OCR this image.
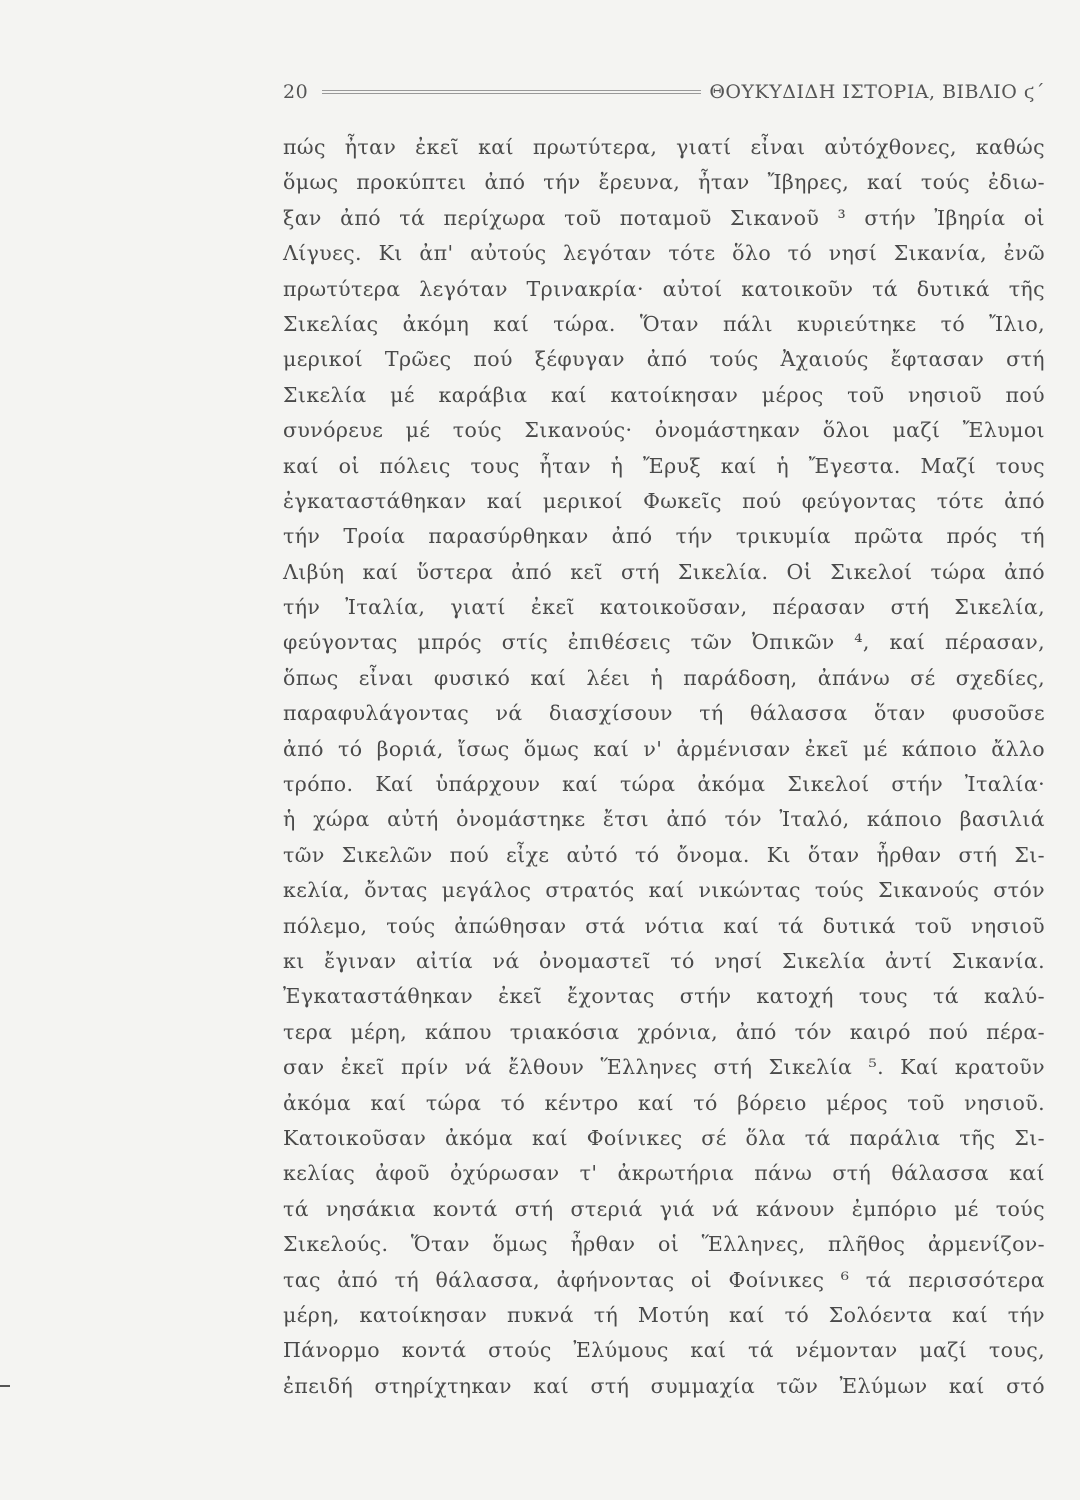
20	ΘΟΥΚΥΔΙΔΗ ΙΣΤΟΡΙΑ, ΒΙΒΛΙΟ ϛ΄
πώς ἦταν ἐκεῖ καί πρωτύτερα, γιατί εἶναι αὐτόχθονες, καθώς
ὅμως προκύπτει ἀπό τήν ἔρευνα, ἦταν Ἴβηρες, καί τούς ἐδιω-
ξαν ἀπό τά περίχωρα τοῦ ποταμοῦ Σικανοῦ ³ στήν Ἰβηρία οἱ
Λίγυες. Κι ἀπ' αὐτούς λεγόταν τότε ὅλο τό νησί Σικανία, ἐνῶ
πρωτύτερα λεγόταν Τρινακρία· αὐτοί κατοικοῦν τά δυτικά τῆς
Σικελίας ἀκόμη καί τώρα. Ὅταν πάλι κυριεύτηκε τό Ἴλιο,
μερικοί Τρῶες πού ξέφυγαν ἀπό τούς Ἀχαιούς ἔφτασαν στή
Σικελία μέ καράβια καί κατοίκησαν μέρος τοῦ νησιοῦ πού
συνόρευε μέ τούς Σικανούς· ὀνομάστηκαν ὅλοι μαζί Ἔλυμοι
καί οἱ πόλεις τους ἦταν ἡ Ἔρυξ καί ἡ Ἔγεστα. Μαζί τους
ἐγκαταστάθηκαν καί μερικοί Φωκεῖς πού φεύγοντας τότε ἀπό
τήν Τροία παρασύρθηκαν ἀπό τήν τρικυμία πρῶτα πρός τή
Λιβύη καί ὕστερα ἀπό κεῖ στή Σικελία. Οἱ Σικελοί τώρα ἀπό
τήν Ἰταλία, γιατί ἐκεῖ κατοικοῦσαν, πέρασαν στή Σικελία,
φεύγοντας μπρός στίς ἐπιθέσεις τῶν Ὀπικῶν ⁴, καί πέρασαν,
ὅπως εἶναι φυσικό καί λέει ἡ παράδοση, ἀπάνω σέ σχεδίες,
παραφυλάγοντας νά διασχίσουν τή θάλασσα ὅταν φυσοῦσε
ἀπό τό βοριά, ἴσως ὅμως καί ν' ἀρμένισαν ἐκεῖ μέ κάποιο ἄλλο
τρόπο. Καί ὑπάρχουν καί τώρα ἀκόμα Σικελοί στήν Ἰταλία·
ἡ χώρα αὐτή ὀνομάστηκε ἔτσι ἀπό τόν Ἰταλό, κάποιο βασιλιά
τῶν Σικελῶν πού εἶχε αὐτό τό ὄνομα. Κι ὅταν ἦρθαν στή Σι-
κελία, ὄντας μεγάλος στρατός καί νικώντας τούς Σικανούς στόν
πόλεμο, τούς ἀπώθησαν στά νότια καί τά δυτικά τοῦ νησιοῦ
κι ἔγιναν αἰτία νά ὀνομαστεῖ τό νησί Σικελία ἀντί Σικανία.
Ἐγκαταστάθηκαν ἐκεῖ ἔχοντας στήν κατοχή τους τά καλύ-
τερα μέρη, κάπου τριακόσια χρόνια, ἀπό τόν καιρό πού πέρα-
σαν ἐκεῖ πρίν νά ἔλθουν Ἕλληνες στή Σικελία ⁵. Καί κρατοῦν
ἀκόμα καί τώρα τό κέντρο καί τό βόρειο μέρος τοῦ νησιοῦ.
Κατοικοῦσαν ἀκόμα καί Φοίνικες σέ ὅλα τά παράλια τῆς Σι-
κελίας ἀφοῦ ὀχύρωσαν τ' ἀκρωτήρια πάνω στή θάλασσα καί
τά νησάκια κοντά στή στεριά γιά νά κάνουν ἐμπόριο μέ τούς
Σικελούς. Ὅταν ὅμως ἦρθαν οἱ Ἕλληνες, πλῆθος ἀρμενίζον-
τας ἀπό τή θάλασσα, ἀφήνοντας οἱ Φοίνικες ⁶ τά περισσότερα
μέρη, κατοίκησαν πυκνά τή Μοτύη καί τό Σολόεντα καί τήν
Πάνορμο κοντά στούς Ἐλύμους καί τά νέμονταν μαζί τους,
ἐπειδή στηρίχτηκαν καί στή συμμαχία τῶν Ἐλύμων καί στό
